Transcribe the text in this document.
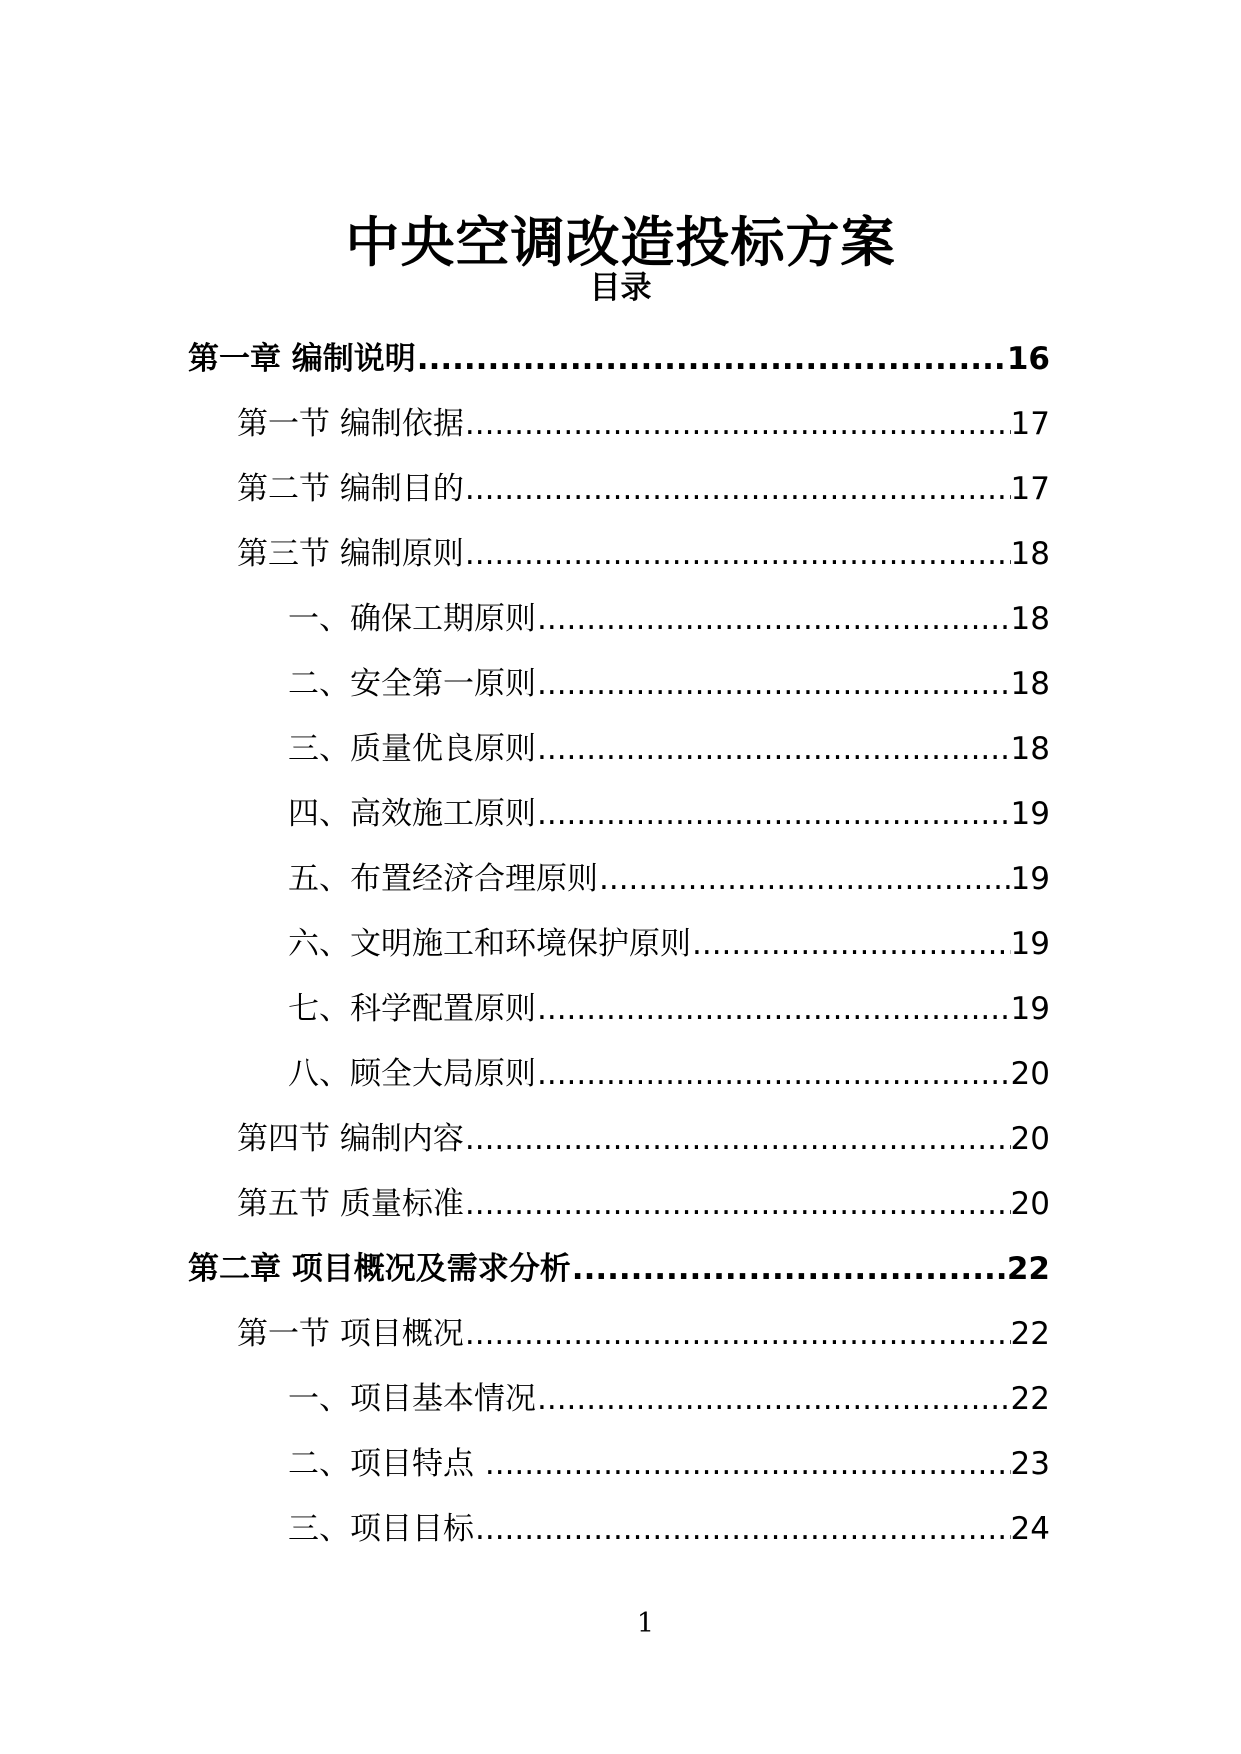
中央空调改造投标方案
目录
第一章 编制说明 .....	16
第一节 编制依据 .....	17
第二节 编制目的 .....	17
第三节 编制原则 .....	18
一、确保工期原则 .....	18
二、安全第一原则 .....	18
三、质量优良原则 .....	18
四、高效施工原则 .....	19
五、布置经济合理原则 .....	19
六、文明施工和环境保护原则 .....	19
七、科学配置原则 .....	19
八、顾全大局原则 .....	20
第四节 编制内容 .....	20
第五节 质量标准 .....	20
第二章 项目概况及需求分析 .....	22
第一节 项目概况 .....	22
一、项目基本情况 .....	22
二、项目特点 .....	23
三、项目目标 .....	24
1
